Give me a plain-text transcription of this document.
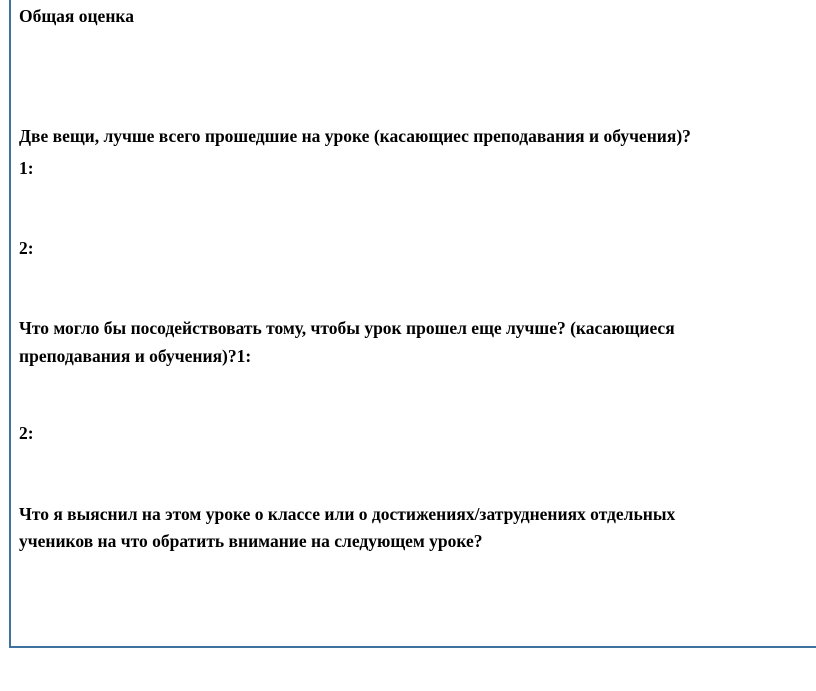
Общая оценка

Две вещи, лучше всего прошедшие на уроке (касающиес преподавания и обучения)?

1:

2:

Что могло бы посодействовать тому, чтобы урок прошел еще лучше? (касающиеся

преподавания и обучения)?1:

2:

Что я выяснил на этом уроке о классе или о достижениях/затруднениях отдельных

учеников на что обратить внимание на следующем уроке?
